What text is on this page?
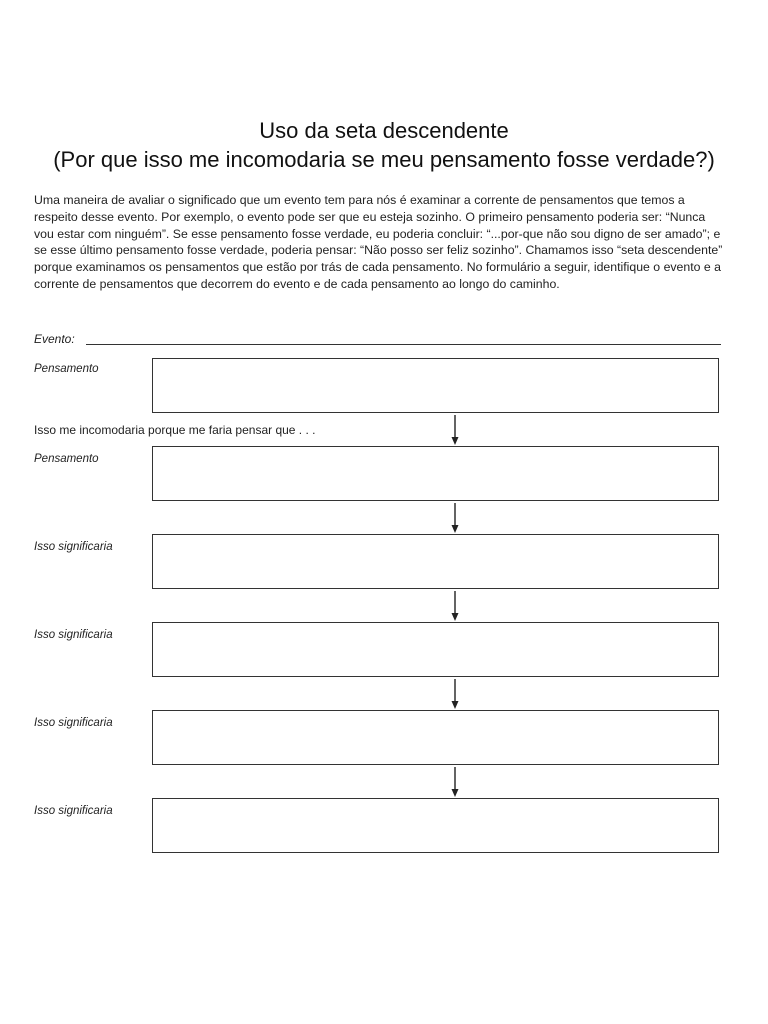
Uso da seta descendente
(Por que isso me incomodaria se meu pensamento fosse verdade?)

Uma maneira de avaliar o significado que um evento tem para nós é examinar a corrente de pensamentos que temos a respeito desse evento. Por exemplo, o evento pode ser que eu esteja sozinho. O primeiro pensamento poderia ser: “Nunca vou estar com ninguém”. Se esse pensamento fosse verdade, eu poderia concluir: “...por-que não sou digno de ser amado”; e se esse último pensamento fosse verdade, poderia pensar: “Não posso ser feliz sozinho”. Chamamos isso “seta descendente” porque examinamos os pensamentos que estão por trás de cada pensamento. No formulário a seguir, identifique o evento e a corrente de pensamentos que decorrem do evento e de cada pensamento ao longo do caminho.

Evento:
Pensamento
Isso me incomodaria porque me faria pensar que . . .
Pensamento
Isso significaria
Isso significaria
Isso significaria
Isso significaria
